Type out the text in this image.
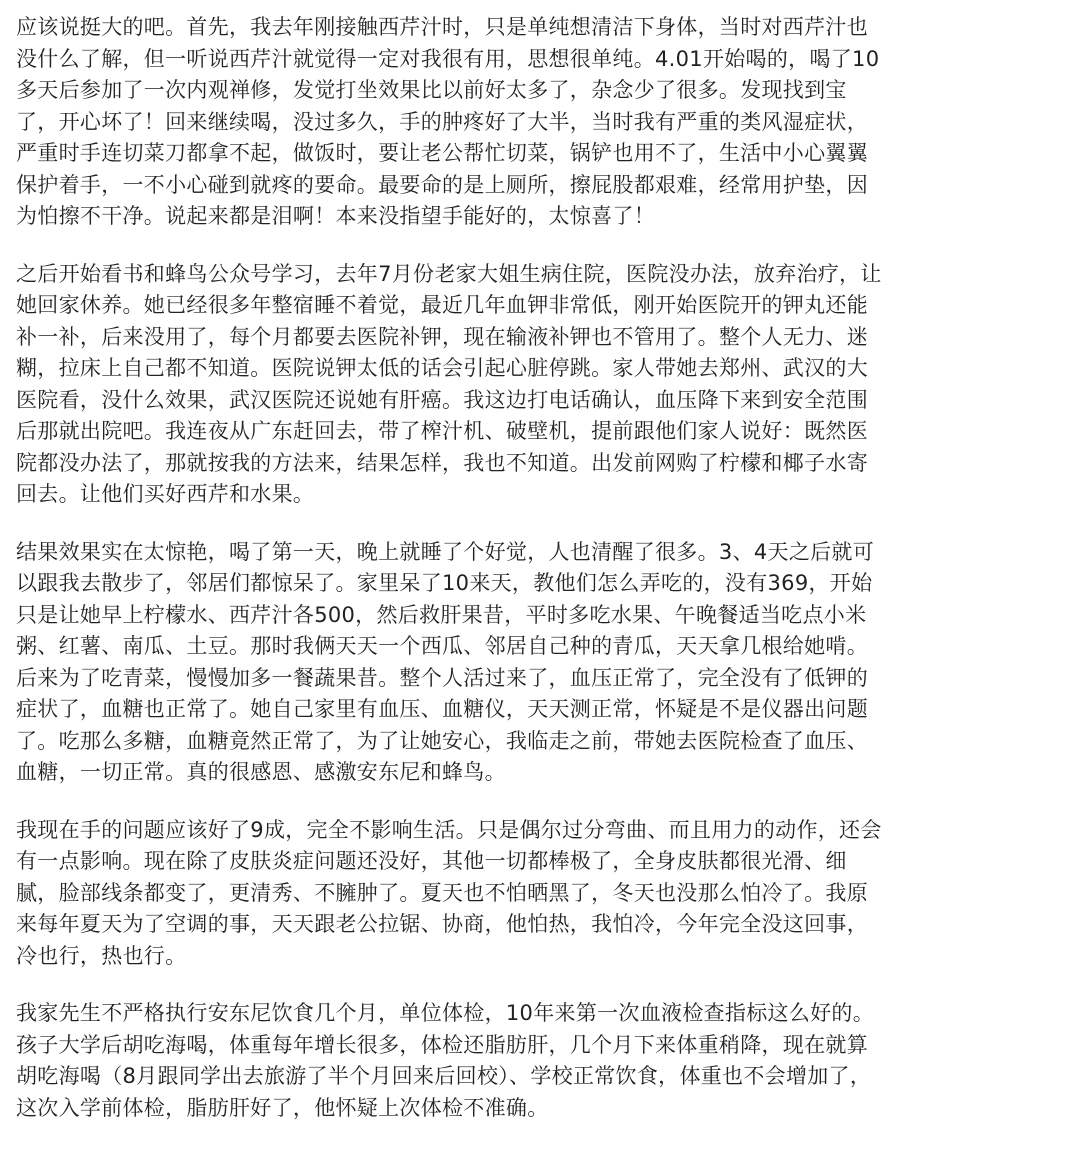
应该说挺大的吧。首先，我去年刚接触西芹汁时，只是单纯想清洁下身体，当时对西芹汁也
没什么了解，但一听说西芹汁就觉得一定对我很有用，思想很单纯。4.01开始喝的，喝了10
多天后参加了一次内观禅修，发觉打坐效果比以前好太多了，杂念少了很多。发现找到宝
了，开心坏了！回来继续喝，没过多久，手的肿疼好了大半，当时我有严重的类风湿症状，
严重时手连切菜刀都拿不起，做饭时，要让老公帮忙切菜，锅铲也用不了，生活中小心翼翼
保护着手，一不小心碰到就疼的要命。最要命的是上厕所，擦屁股都艰难，经常用护垫，因
为怕擦不干净。说起来都是泪啊！本来没指望手能好的，太惊喜了！

之后开始看书和蜂鸟公众号学习，去年7月份老家大姐生病住院，医院没办法，放弃治疗，让
她回家休养。她已经很多年整宿睡不着觉，最近几年血钾非常低，刚开始医院开的钾丸还能
补一补，后来没用了，每个月都要去医院补钾，现在输液补钾也不管用了。整个人无力、迷
糊，拉床上自己都不知道。医院说钾太低的话会引起心脏停跳。家人带她去郑州、武汉的大
医院看，没什么效果，武汉医院还说她有肝癌。我这边打电话确认，血压降下来到安全范围
后那就出院吧。我连夜从广东赶回去，带了榨汁机、破壁机，提前跟他们家人说好：既然医
院都没办法了，那就按我的方法来，结果怎样，我也不知道。出发前网购了柠檬和椰子水寄
回去。让他们买好西芹和水果。

结果效果实在太惊艳，喝了第一天，晚上就睡了个好觉，人也清醒了很多。3、4天之后就可
以跟我去散步了，邻居们都惊呆了。家里呆了10来天，教他们怎么弄吃的，没有369，开始
只是让她早上柠檬水、西芹汁各500，然后救肝果昔，平时多吃水果、午晚餐适当吃点小米
粥、红薯、南瓜、土豆。那时我俩天天一个西瓜、邻居自己种的青瓜，天天拿几根给她啃。
后来为了吃青菜，慢慢加多一餐蔬果昔。整个人活过来了，血压正常了，完全没有了低钾的
症状了，血糖也正常了。她自己家里有血压、血糖仪，天天测正常，怀疑是不是仪器出问题
了。吃那么多糖，血糖竟然正常了，为了让她安心，我临走之前，带她去医院检查了血压、
血糖，一切正常。真的很感恩、感激安东尼和蜂鸟。

我现在手的问题应该好了9成，完全不影响生活。只是偶尔过分弯曲、而且用力的动作，还会
有一点影响。现在除了皮肤炎症问题还没好，其他一切都棒极了，全身皮肤都很光滑、细
腻，脸部线条都变了，更清秀、不臃肿了。夏天也不怕晒黑了，冬天也没那么怕冷了。我原
来每年夏天为了空调的事，天天跟老公拉锯、协商，他怕热，我怕冷，今年完全没这回事，
冷也行，热也行。

我家先生不严格执行安东尼饮食几个月，单位体检，10年来第一次血液检查指标这么好的。
孩子大学后胡吃海喝，体重每年增长很多，体检还脂肪肝，几个月下来体重稍降，现在就算
胡吃海喝（8月跟同学出去旅游了半个月回来后回校）、学校正常饮食，体重也不会增加了，
这次入学前体检，脂肪肝好了，他怀疑上次体检不准确。
